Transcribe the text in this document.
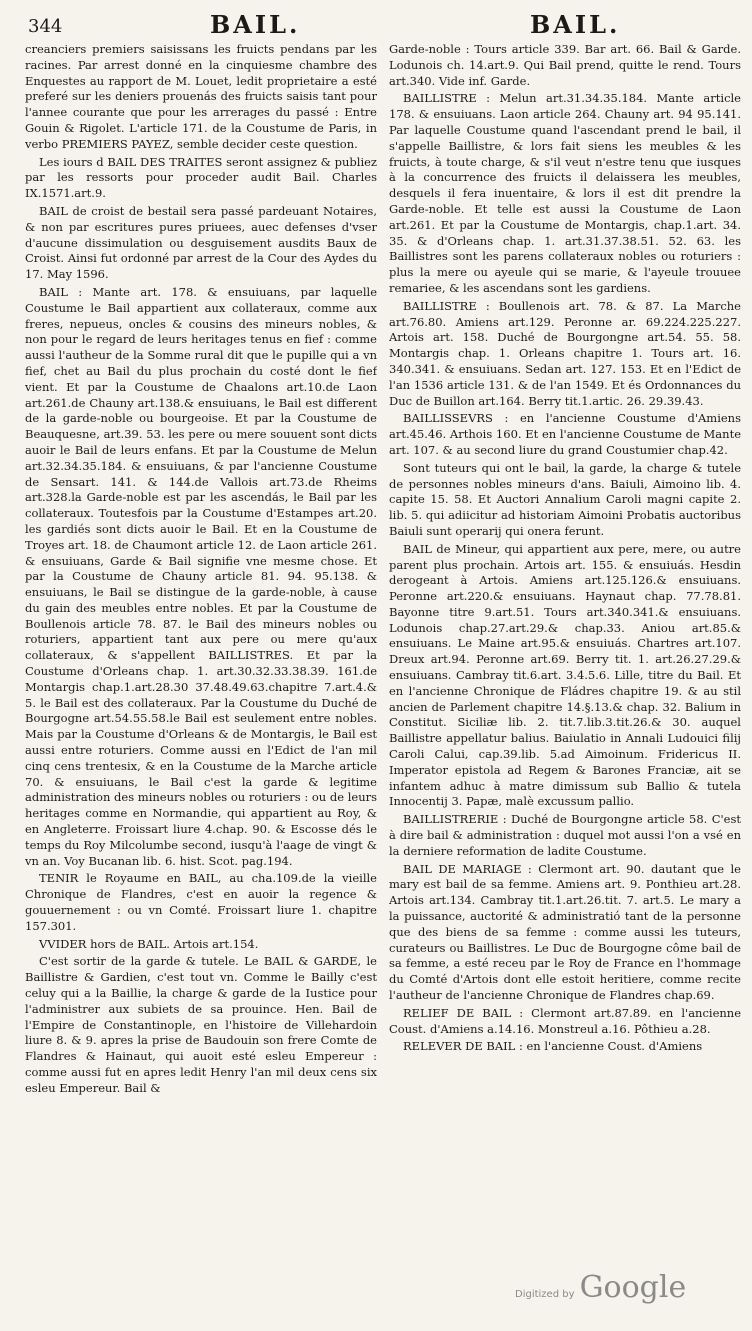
344	BAIL.	BAIL.

creanciers premiers saisissans les fruicts pendans par les racines. Par arrest donné en la cinquiesme chambre des Enquestes au rapport de M. Louet, ledit proprietaire a esté preferé sur les deniers prouenás des fruicts saisis tant pour l'annee courante que pour les arrerages du passé : Entre Gouin & Rigolet. L'article 171. de la Coustume de Paris, in verbo PREMIERS PAYEZ, semble decider ceste question.

Les iours d BAIL DES TRAITES seront assignez & publiez par les ressorts pour proceder audit Bail. Charles IX.1571.art.9.

BAIL de croist de bestail sera passé pardeuant Notaires, & non par escritures pures priuees, auec defenses d'vser d'aucune dissimulation ou desguisement ausdits Baux de Croist. Ainsi fut ordonné par arrest de la Cour des Aydes du 17. May 1596.

BAIL : Mante art. 178. & ensuiuans, par laquelle Coustume le Bail appartient aux collateraux, comme aux freres, nepueus, oncles & cousins des mineurs nobles, & non pour le regard de leurs heritages tenus en fief : comme aussi l'autheur de la Somme rural dit que le pupille qui a vn fief, chet au Bail du plus prochain du costé dont le fief vient. Et par la Coustume de Chaalons art.10.de Laon art.261.de Chauny art.138.& ensuiuans, le Bail est different de la garde-noble ou bourgeoise. Et par la Coustume de Beauquesne, art.39. 53. les pere ou mere souuent sont dicts auoir le Bail de leurs enfans. Et par la Coustume de Melun art.32.34.35.184. & ensuiuans, & par l'ancienne Coustume de Sensart. 141. & 144.de Vallois art.73.de Rheims art.328.la Garde-noble est par les ascendás, le Bail par les collateraux. Toutesfois par la Coustume d'Estampes art.20. les gardiés sont dicts auoir le Bail. Et en la Coustume de Troyes art. 18. de Chaumont article 12. de Laon article 261. & ensuiuans, Garde & Bail signifie vne mesme chose. Et par la Coustume de Chauny article 81. 94. 95.138. & ensuiuans, le Bail se distingue de la garde-noble, à cause du gain des meubles entre nobles. Et par la Coustume de Boullenois article 78. 87. le Bail des mineurs nobles ou roturiers, appartient tant aux pere ou mere qu'aux collateraux, & s'appellent BAILLISTRES. Et par la Coustume d'Orleans chap. 1. art.30.32.33.38.39. 161.de Montargis chap.1.art.28.30 37.48.49.63.chapitre 7.art.4.& 5. le Bail est des collateraux. Par la Coustume du Duché de Bourgogne art.54.55.58.le Bail est seulement entre nobles. Mais par la Coustume d'Orleans & de Montargis, le Bail est aussi entre roturiers. Comme aussi en l'Edict de l'an mil cinq cens trentesix, & en la Coustume de la Marche article 70. & ensuiuans, le Bail c'est la garde & legitime administration des mineurs nobles ou roturiers : ou de leurs heritages comme en Normandie, qui appartient au Roy, & en Angleterre. Froissart liure 4.chap. 90. & Escosse dés le temps du Roy Milcolumbe second, iusqu'à l'aage de vingt & vn an. Voy Bucanan lib. 6. hist. Scot. pag.194.

TENIR le Royaume en BAIL, au cha.109.de la vieille Chronique de Flandres, c'est en auoir la regence & gouuernement : ou vn Comté. Froissart liure 1. chapitre 157.301.

VVIDER hors de BAIL. Artois art.154.

C'est sortir de la garde & tutele. Le BAIL & GARDE, le Baillistre & Gardien, c'est tout vn. Comme le Bailly c'est celuy qui a la Baillie, la charge & garde de la Iustice pour l'administrer aux subiets de sa prouince. Hen. Bail de l'Empire de Constantinople, en l'histoire de Villehardoin liure 8. & 9. apres la prise de Baudouin son frere Comte de Flandres & Hainaut, qui auoit esté esleu Empereur : comme aussi fut en apres ledit Henry l'an mil deux cens six esleu Empereur. Bail &

Garde-noble : Tours article 339. Bar art. 66. Bail & Garde. Lodunois ch. 14.art.9. Qui Bail prend, quitte le rend. Tours art.340. Vide inf. Garde.

BAILLISTRE : Melun art.31.34.35.184. Mante article 178. & ensuiuans. Laon article 264. Chauny art. 94 95.141. Par laquelle Coustume quand l'ascendant prend le bail, il s'appelle Baillistre, & lors fait siens les meubles & les fruicts, à toute charge, & s'il veut n'estre tenu que iusques à la concurrence des fruicts il delaissera les meubles, desquels il fera inuentaire, & lors il est dit prendre la Garde-noble. Et telle est aussi la Coustume de Laon art.261. Et par la Coustume de Montargis, chap.1.art. 34. 35. & d'Orleans chap. 1. art.31.37.38.51. 52. 63. les Baillistres sont les parens collateraux nobles ou roturiers : plus la mere ou ayeule qui se marie, & l'ayeule trouuee remariee, & les ascendans sont les gardiens.

BAILLISTRE : Boullenois art. 78. & 87. La Marche art.76.80. Amiens art.129. Peronne ar. 69.224.225.227. Artois art. 158. Duché de Bourgongne art.54. 55. 58. Montargis chap. 1. Orleans chapitre 1. Tours art. 16. 340.341. & ensuiuans. Sedan art. 127. 153. Et en l'Edict de l'an 1536 article 131. & de l'an 1549. Et és Ordonnances du Duc de Buillon art.164. Berry tit.1.artic. 26. 29.39.43.

BAILLISSEVRS : en l'ancienne Coustume d'Amiens art.45.46. Arthois 160. Et en l'ancienne Coustume de Mante art. 107. & au second liure du grand Coustumier chap.42.

Sont tuteurs qui ont le bail, la garde, la charge & tutele de personnes nobles mineurs d'ans. Baiuli, Aimoino lib. 4. capite 15. 58. Et Auctori Annalium Caroli magni capite 2. lib. 5. qui adiicitur ad historiam Aimoini Probatis auctoribus Baiuli sunt operarij qui onera ferunt.

BAIL de Mineur, qui appartient aux pere, mere, ou autre parent plus prochain. Artois art. 155. & ensuiuás. Hesdin derogeant à Artois. Amiens art.125.126.& ensuiuans. Peronne art.220.& ensuiuans. Haynaut chap. 77.78.81. Bayonne titre 9.art.51. Tours art.340.341.& ensuiuans. Lodunois chap.27.art.29.& chap.33. Aniou art.85.& ensuiuans. Le Maine art.95.& ensuiuás. Chartres art.107. Dreux art.94. Peronne art.69. Berry tit. 1. art.26.27.29.& ensuiuans. Cambray tit.6.art. 3.4.5.6. Lille, titre du Bail. Et en l'ancienne Chronique de Fládres chapitre 19. & au stil ancien de Parlement chapitre 14.§.13.& chap. 32. Balium in Constitut. Siciliæ lib. 2. tit.7.lib.3.tit.26.& 30. auquel Baillistre appellatur balius. Baiulatio in Annali Ludouici filij Caroli Calui, cap.39.lib. 5.ad Aimoinum. Fridericus II. Imperator epistola ad Regem & Barones Franciæ, ait se infantem adhuc à matre dimissum sub Ballio & tutela Innocentij 3. Papæ, malè excussum pallio.

BAILLISTRERIE : Duché de Bourgongne article 58. C'est à dire bail & administration : duquel mot aussi l'on a vsé en la derniere reformation de ladite Coustume.

BAIL DE MARIAGE : Clermont art. 90. dautant que le mary est bail de sa femme. Amiens art. 9. Ponthieu art.28. Artois art.134. Cambray tit.1.art.26.tit. 7. art.5. Le mary a la puissance, auctorité & administratió tant de la personne que des biens de sa femme : comme aussi les tuteurs, curateurs ou Baillistres. Le Duc de Bourgogne côme bail de sa femme, a esté receu par le Roy de France en l'hommage du Comté d'Artois dont elle estoit heritiere, comme recite l'autheur de l'ancienne Chronique de Flandres chap.69.

RELIEF DE BAIL : Clermont art.87.89. en l'ancienne Coust. d'Amiens a.14.16. Monstreul a.16. Pôthieu a.28.

RELEVER DE BAIL : en l'ancienne Coust. d'Amiens

Digitized by Google
